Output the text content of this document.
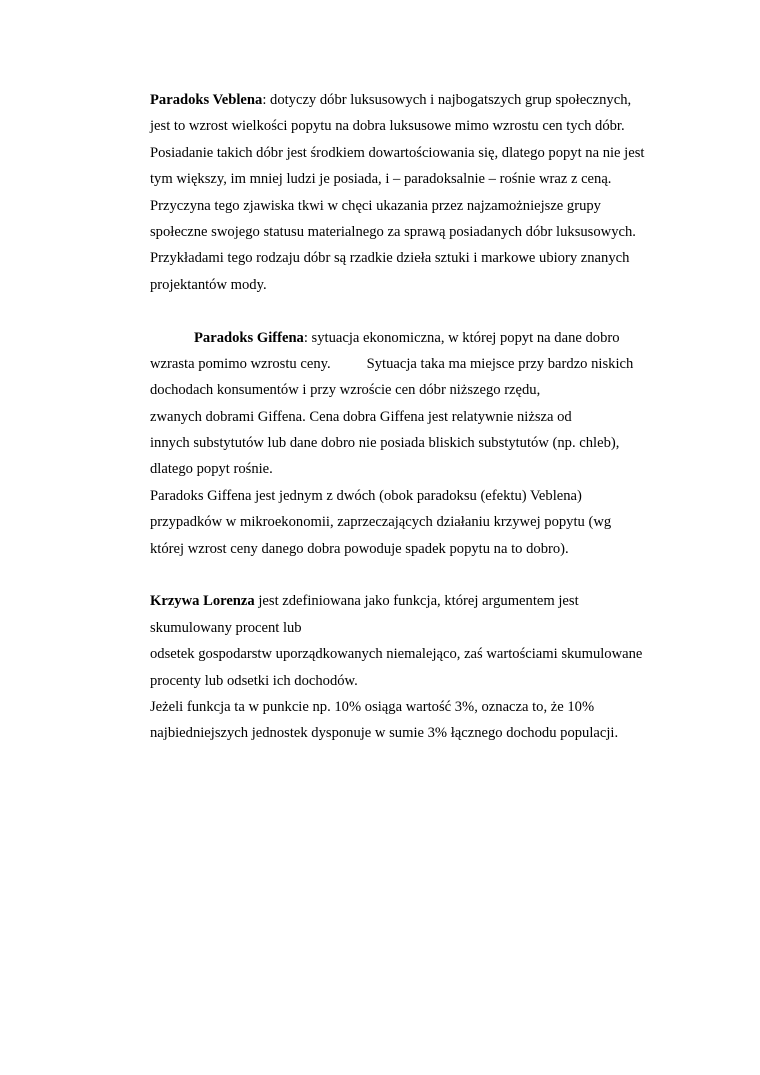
Paradoks Veblena: dotyczy dóbr luksusowych i najbogatszych grup społecznych,
jest to wzrost wielkości popytu na dobra luksusowe mimo wzrostu cen tych dóbr.
Posiadanie takich dóbr jest środkiem dowartościowania się, dlatego popyt na nie jest
tym większy, im mniej ludzi je posiada, i – paradoksalnie – rośnie wraz z ceną.
Przyczyna tego zjawiska tkwi w chęci ukazania przez najzamożniejsze grupy
społeczne swojego statusu materialnego za sprawą posiadanych dóbr luksusowych.
Przykładami tego rodzaju dóbr są rzadkie dzieła sztuki i markowe ubiory znanych
projektantów mody.
Paradoks Giffena: sytuacja ekonomiczna, w której popyt na dane dobro
wzrasta pomimo wzrostu ceny. Sytuacja taka ma miejsce przy bardzo niskich
dochodach konsumentów i przy wzroście cen dóbr niższego rzędu,
zwanych dobrami Giffena. Cena dobra Giffena jest relatywnie niższa od
innych substytutów lub dane dobro nie posiada bliskich substytutów (np. chleb),
dlatego popyt rośnie.
Paradoks Giffena jest jednym z dwóch (obok paradoksu (efektu) Veblena)
przypadków w mikroekonomii, zaprzeczających działaniu krzywej popytu (wg
której wzrost ceny danego dobra powoduje spadek popytu na to dobro).
Krzywa Lorenza jest zdefiniowana jako funkcja, której argumentem jest
skumulowany procent lub
odsetek gospodarstw uporządkowanych niemalejąco, zaś wartościami skumulowane
procenty lub odsetki ich dochodów.
Jeżeli funkcja ta w punkcie np. 10% osiąga wartość 3%, oznacza to, że 10%
najbiedniejszych jednostek dysponuje w sumie 3% łącznego dochodu populacji.
